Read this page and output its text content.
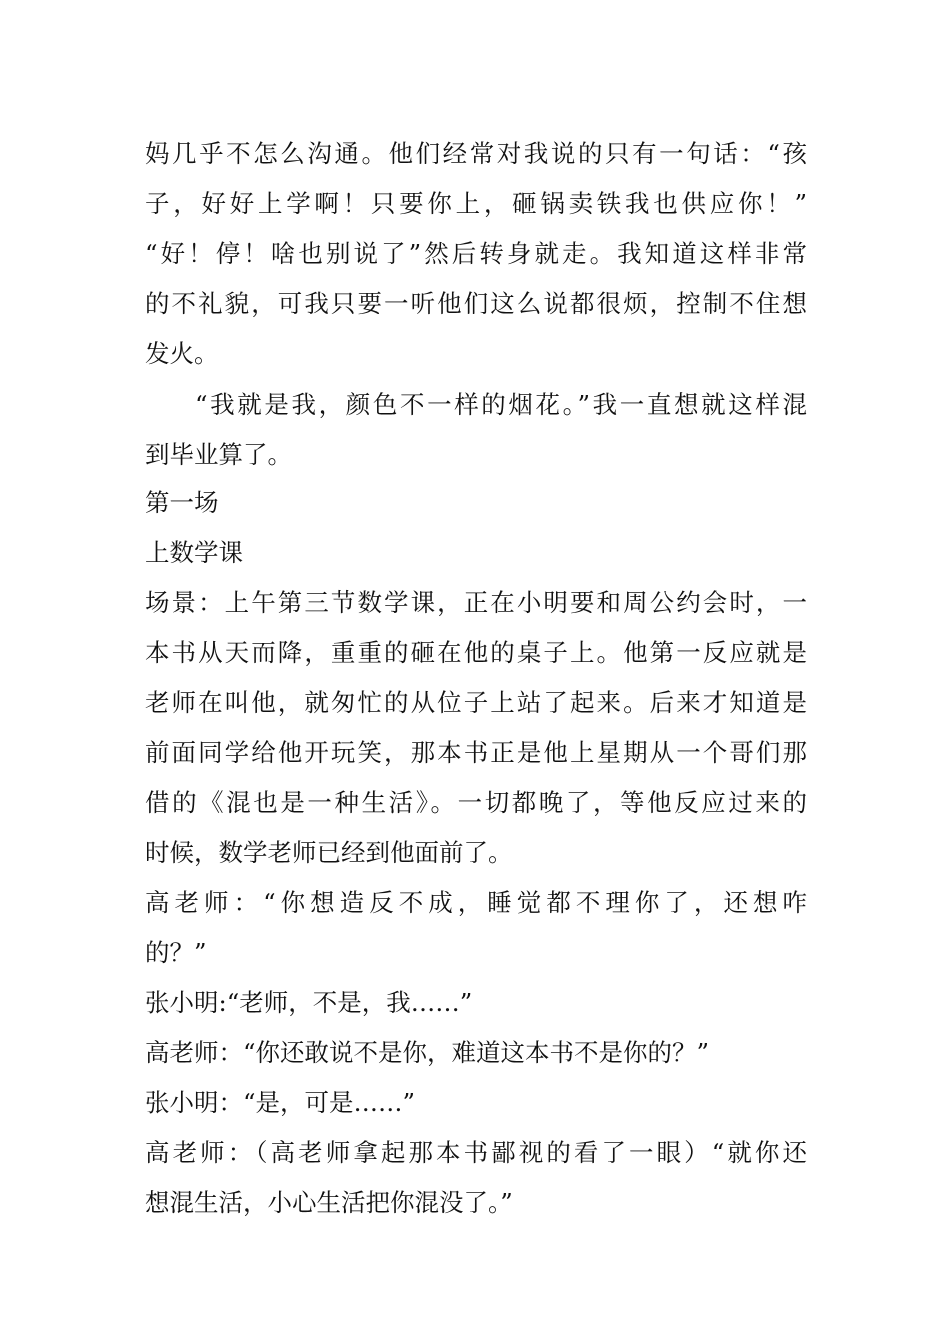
妈几乎不怎么沟通。他们经常对我说的只有一句话：“孩
子，好好上学啊！只要你上，砸锅卖铁我也供应你！”
“好！停！啥也别说了”然后转身就走。我知道这样非常
的不礼貌，可我只要一听他们这么说都很烦，控制不住想
发火。
“我就是我，颜色不一样的烟花。”我一直想就这样混
到毕业算了。
第一场
上数学课
场景：上午第三节数学课，正在小明要和周公约会时，一
本书从天而降，重重的砸在他的桌子上。他第一反应就是
老师在叫他，就匆忙的从位子上站了起来。后来才知道是
前面同学给他开玩笑，那本书正是他上星期从一个哥们那
借的《混也是一种生活》。一切都晚了，等他反应过来的
时候，数学老师已经到他面前了。
高老师：“你想造反不成，睡觉都不理你了，还想咋
的？”
张小明:“老师，不是，我……”
高老师：“你还敢说不是你，难道这本书不是你的？”
张小明：“是，可是……”
高老师：（高老师拿起那本书鄙视的看了一眼）“就你还
想混生活，小心生活把你混没了。”
